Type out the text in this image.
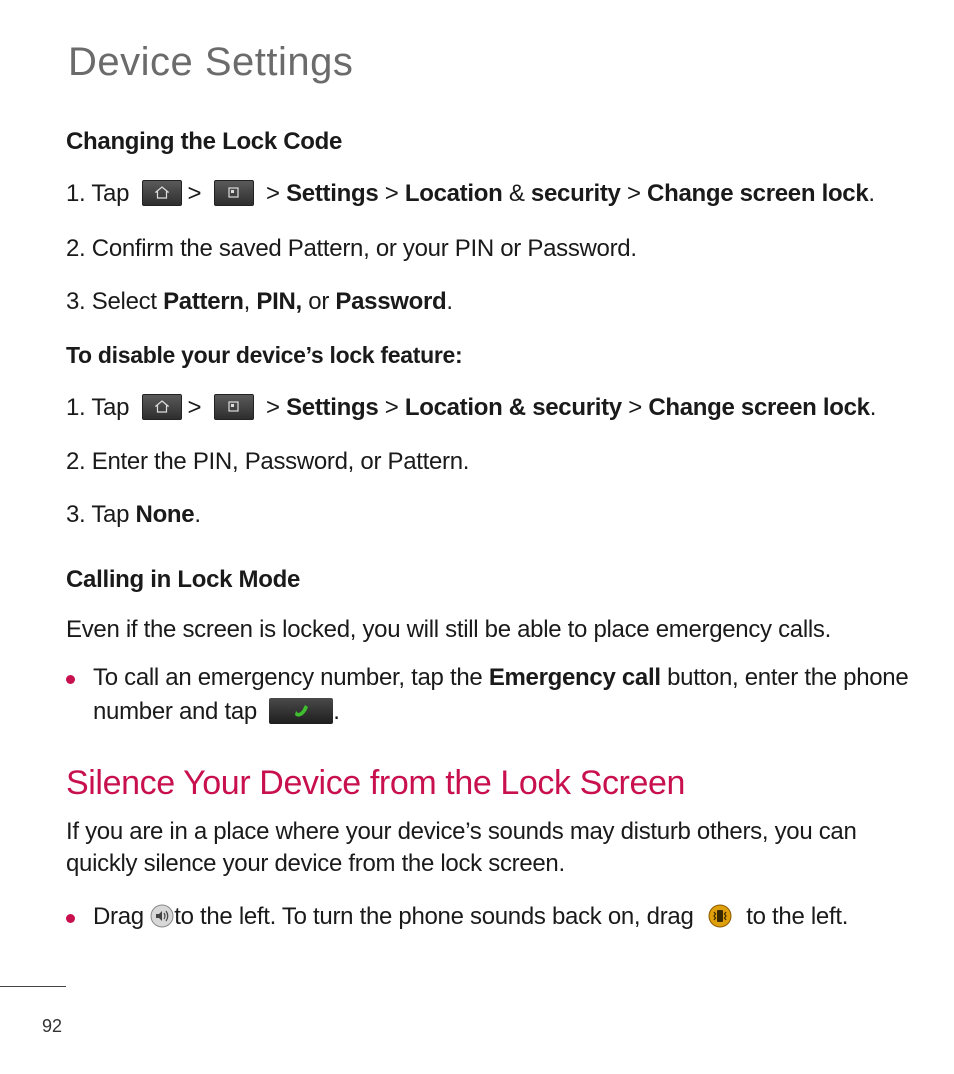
Device Settings
Changing the Lock Code
1. Tap >	> Settings > Location & security > Change screen lock.
2. Confirm the saved Pattern, or your PIN or Password.
3. Select Pattern, PIN, or Password.
To disable your device’s lock feature:
1. Tap >	> Settings > Location & security > Change screen lock.
2. Enter the PIN, Password, or Pattern.
3. Tap None.
Calling in Lock Mode
Even if the screen is locked, you will still be able to place emergency calls.
To call an emergency number, tap the Emergency call button, enter the phone
number and tap	.
Silence Your Device from the Lock Screen
If you are in a place where your device’s sounds may disturb others, you can
quickly silence your device from the lock screen.
Drag to the left. To turn the phone sounds back on, drag to the left.
92
